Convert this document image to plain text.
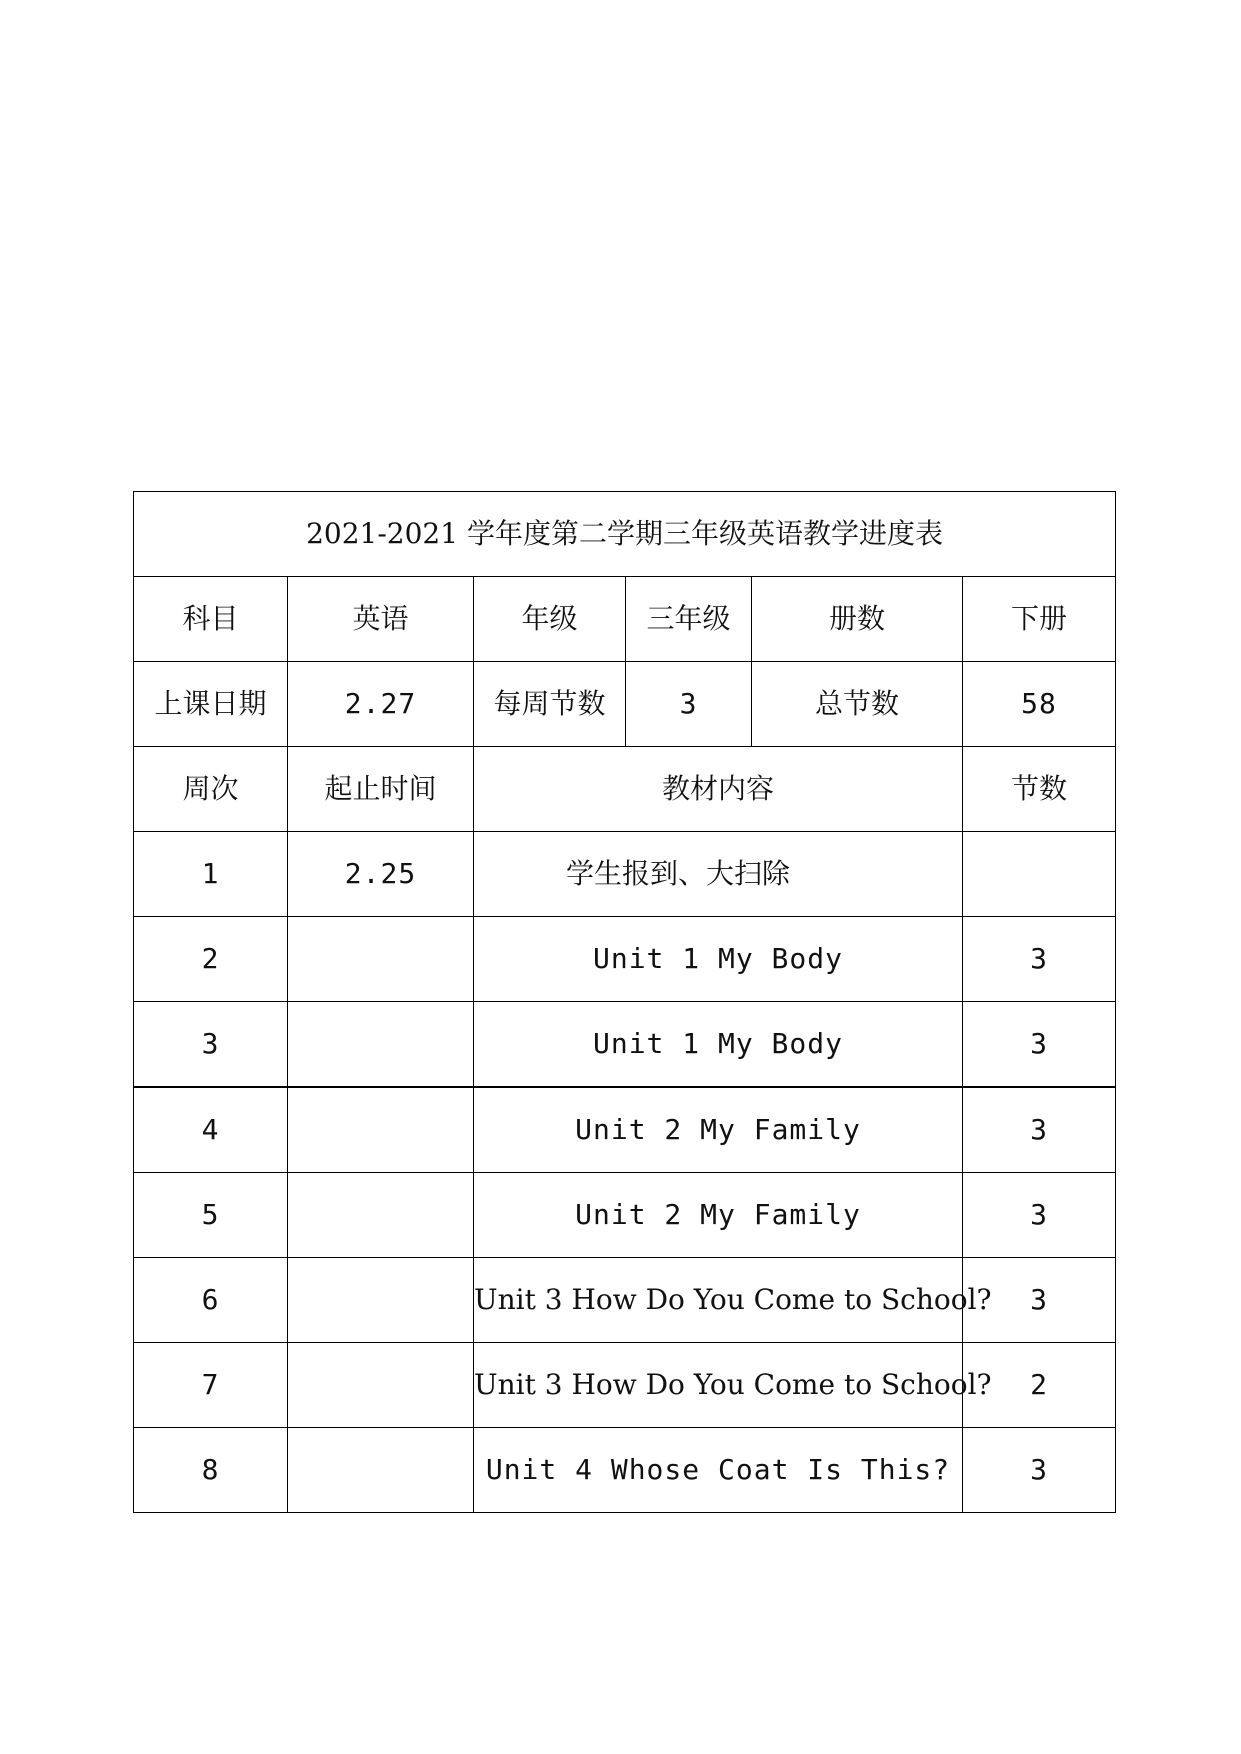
2021-2021 学年度第二学期三年级英语教学进度表					
科目	英语	年级	三年级	册数	下册
上课日期	2.27	每周节数	3	总节数	58
周次	起止时间	教材内容			节数
1	2.25	学生报到、大扫除			
2		Unit 1 My Body			3
3		Unit 1 My Body			3
4		Unit 2 My Family			3
5		Unit 2 My Family			3
6		Unit 3 How Do You Come to School?			3
7		Unit 3 How Do You Come to School?			2
8		Unit 4 Whose Coat Is This?			3
